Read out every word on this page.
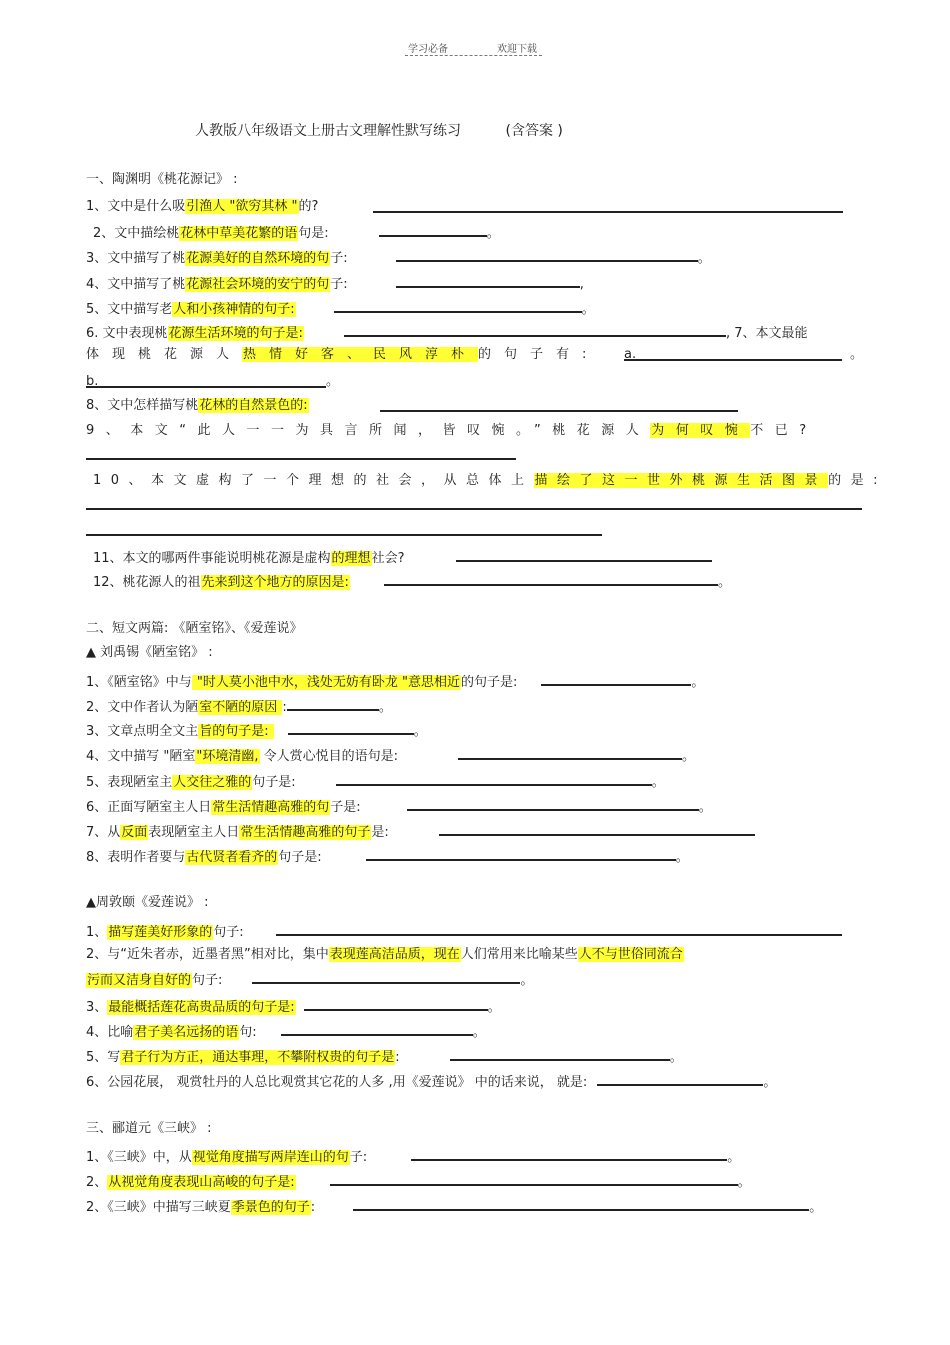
学习必备	欢迎下载
人教版八年级语文上册古文理解性默写练习          (含答案 )
一、陶渊明《桃花源记》 :
1、文中是什么吸引渔人 "欲穷其林 "的?
2、文中描绘桃花林中草美花繁的语句是:	。
3、文中描写了桃花源美好的自然环境的句子:	。
4、文中描写了桃花源社会环境的安宁的句子:	,
5、文中描写老人和小孩神情的句子:	。
6. 文中表现桃花源生活环境的句子是:	, 7、本文最能
体现桃花源人热情好客、民风淳朴的句子有: a.	。
b.	。
8、文中怎样描写桃花林的自然景色的:
9、本文“此人一一为具言所闻，皆叹惋。”桃花源人为何叹惋不已?
10、本文虚构了一个理想的社会，从总体上描绘了这一世外桃源生活图景的是:
11、本文的哪两件事能说明桃花源是虚构的理想社会?
12、桃花源人的祖先来到这个地方的原因是:	。
二、短文两篇: 《陋室铭》、《爱莲说》
▲ 刘禹锡《陋室铭》 :
1、《陋室铭》中与 "时人莫小池中水，浅处无妨有卧龙 "意思相近的句子是:	。
2、文中作者认为陋室不陋的原因 :	。
3、文章点明全文主旨的句子是:	。
4、文中描写 "陋室"环境清幽, 令人赏心悦目的语句是:	。
5、表现陋室主人交往之雅的句子是:	。
6、正面写陋室主人日常生活情趣高雅的句子是:	。
7、从反面表现陋室主人日常生活情趣高雅的句子是:
8、表明作者要与古代贤者看齐的句子是:	。
▲周敦颐《爱莲说》 :
1、描写莲美好形象的句子:
2、与“近朱者赤，近墨者黑”相对比，集中表现莲高洁品质，现在人们常用来比喻某些人不与世俗同流合
污而又洁身自好的句子:	。
3、最能概括莲花高贵品质的句子是:	。
4、比喻君子美名远扬的语句:	。
5、写君子行为方正，通达事理，不攀附权贵的句子是:	。
6、公园花展， 观赏牡丹的人总比观赏其它花的人多 ,用《爱莲说》 中的话来说， 就是:	。
三、郦道元《三峡》 :
1、《三峡》中，从视觉角度描写两岸连山的句子:	。
2、从视觉角度表现山高峻的句子是:	。
2、《三峡》中描写三峡夏季景色的句子:	。
